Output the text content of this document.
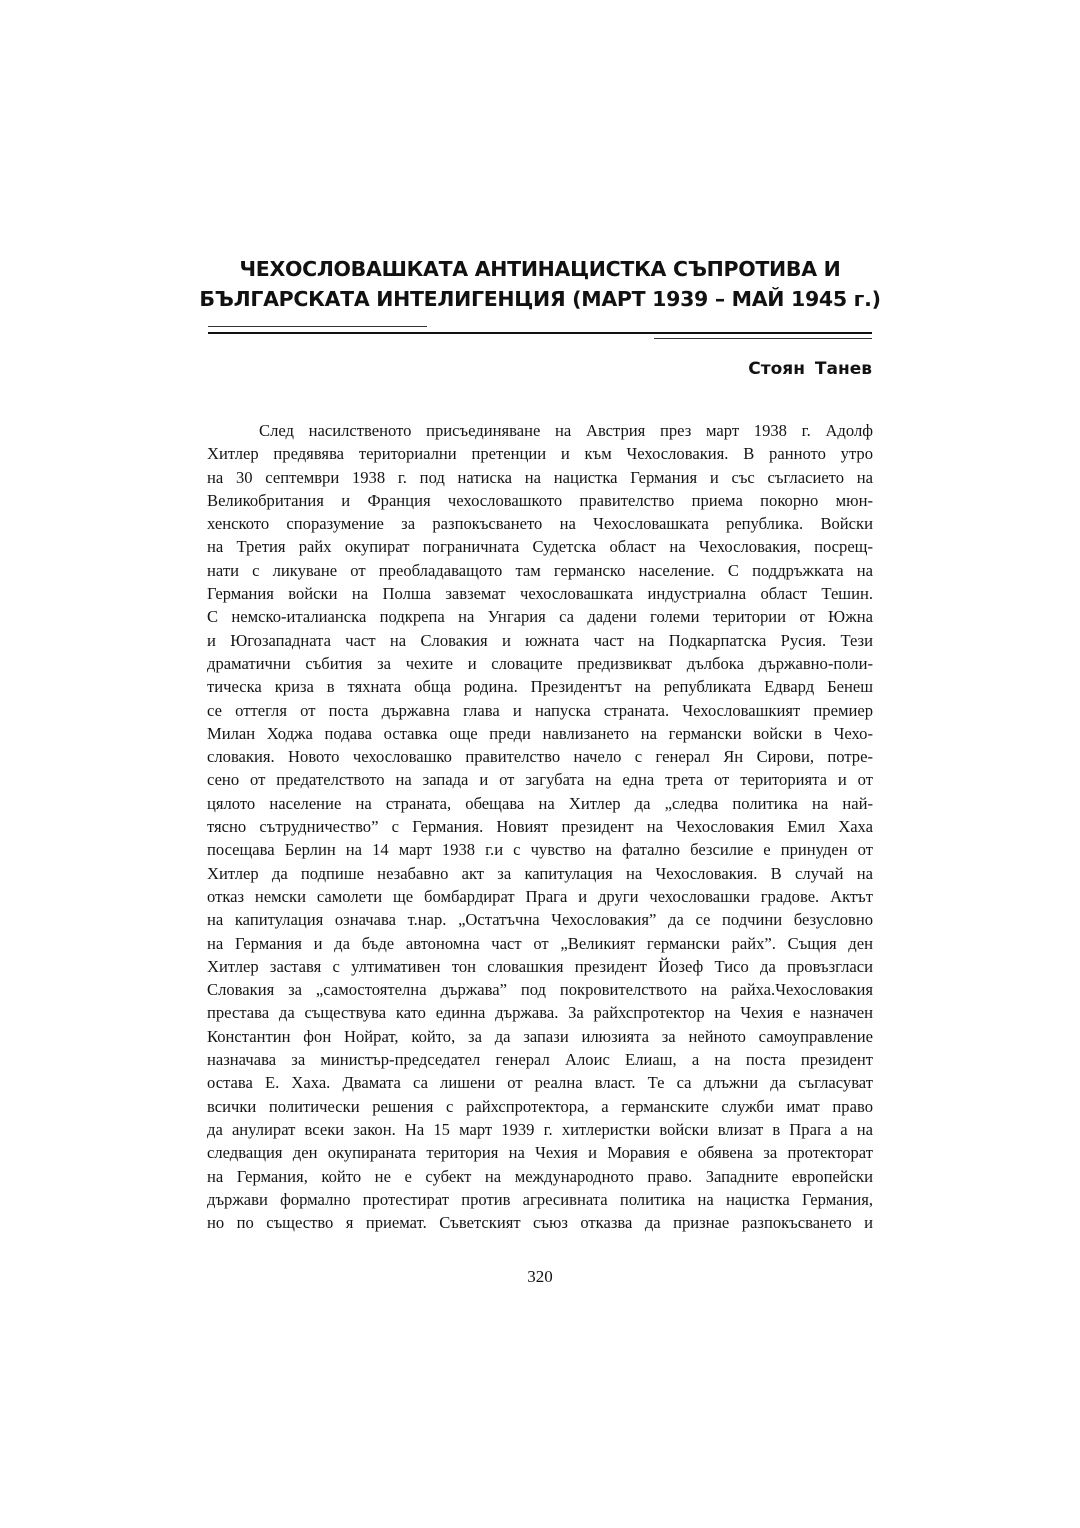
ЧЕХОСЛОВАШКАТА АНТИНАЦИСТКА СЪПРОТИВА И
БЪЛГАРСКАТА ИНТЕЛИГЕНЦИЯ (МАРТ 1939 – МАЙ 1945 г.)

Стоян Танев

След насилственото присъединяване на Австрия през март 1938 г. Адолф
Хитлер предявява териториални претенции и към Чехословакия. В ранното утро
на 30 септември 1938 г. под натиска на нацистка Германия и със съгласието на
Великобритания и Франция чехословашкото правителство приема покорно мюн-
хенското споразумение за разпокъсването на Чехословашката република. Войски
на Третия райх окупират пограничната Судетска област на Чехословакия, посрещ-
нати с ликуване от преобладаващото там германско население. С поддръжката на
Германия войски на Полша завземат чехословашката индустриална област Тешин.
С немско-италианска подкрепа на Унгария са дадени големи територии от Южна
и Югозападната част на Словакия и южната част на Подкарпатска Русия. Тези
драматични събития за чехите и словаците предизвикват дълбока държавно-поли-
тическа криза в тяхната обща родина. Президентът на републиката Едвард Бенеш
се оттегля от поста държавна глава и напуска страната. Чехословашкият премиер
Милан Ходжа подава оставка още преди навлизането на германски войски в Чехо-
словакия. Новото чехословашко правителство начело с генерал Ян Сирови, потре-
сено от предателството на запада и от загубата на една трета от територията и от
цялото население на страната, обещава на Хитлер да „следва политика на най-
тясно сътрудничество” с Германия. Новият президент на Чехословакия Емил Хаха
посещава Берлин на 14 март 1938 г.и с чувство на фатално безсилие е принуден от
Хитлер да подпише незабавно акт за капитулация на Чехословакия. В случай на
отказ немски самолети ще бомбардират Прага и други чехословашки градове. Актът
на капитулация означава т.нар. „Остатъчна Чехословакия” да се подчини безусловно
на Германия и да бъде автономна част от „Великият германски райх”. Същия ден
Хитлер заставя с ултимативен тон словашкия президент Йозеф Тисо да провъзгласи
Словакия за „самостоятелна държава” под покровителството на райха.Чехословакия
престава да съществува като единна държава. За райхспротектор на Чехия е назначен
Константин фон Нойрат, който, за да запази илюзията за нейното самоуправление
назначава за министър-председател генерал Алоис Елиаш, а на поста президент
остава Е. Хаха. Двамата са лишени от реална власт. Те са длъжни да съгласуват
всички политически решения с райхспротектора, а германските служби имат право
да анулират всеки закон. На 15 март 1939 г. хитлеристки войски влизат в Прага а на
следващия ден окупираната територия на Чехия и Моравия е обявена за протекторат
на Германия, който не е субект на международното право. Западните европейски
държави формално протестират против агресивната политика на нацистка Германия,
но по същество я приемат. Съветският съюз отказва да признае разпокъсването и

320
